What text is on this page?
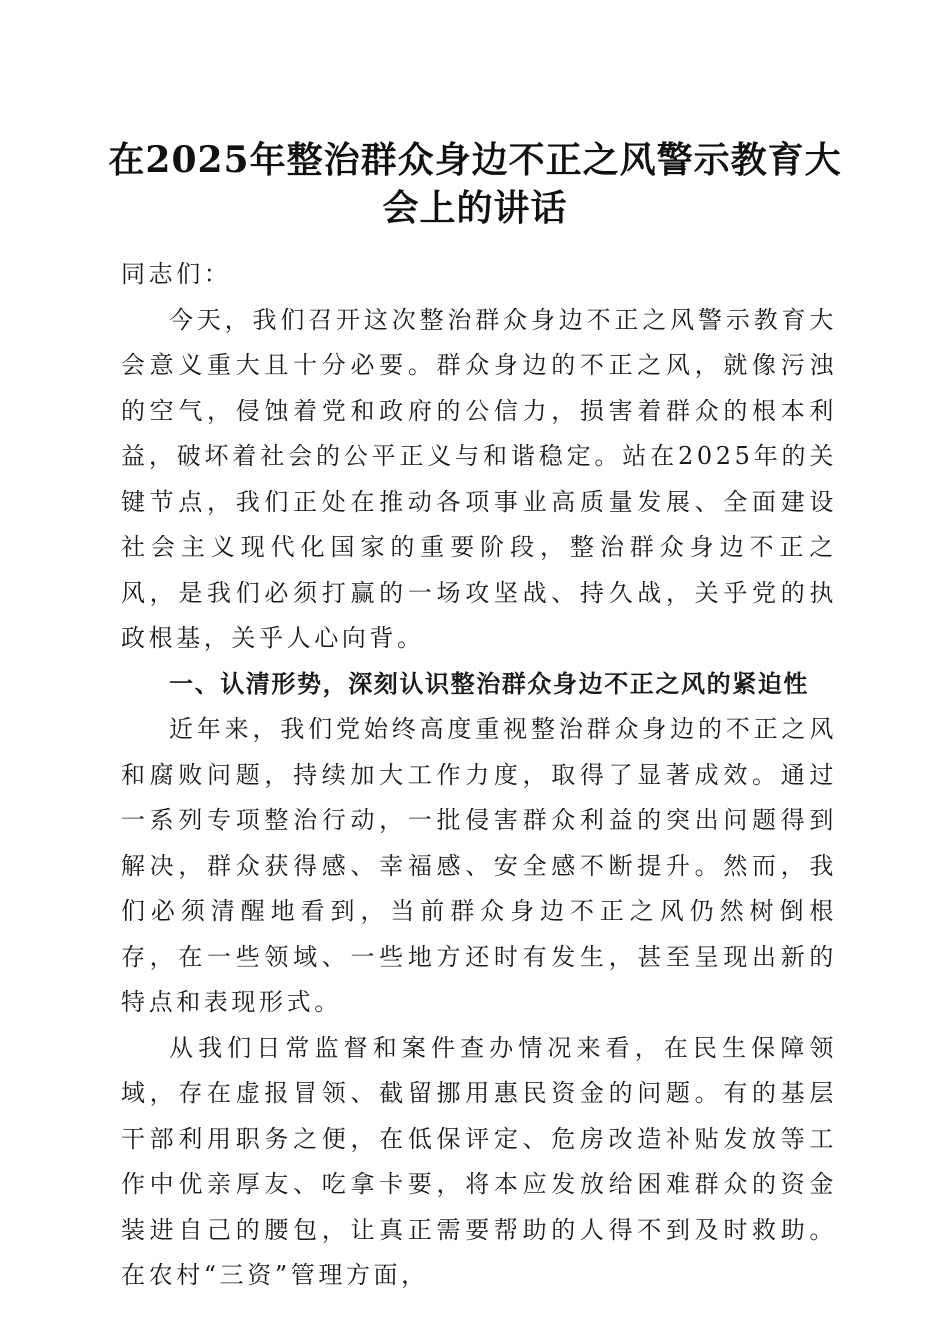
在2025年整治群众身边不正之风警示教育大
会上的讲话

同志们：

今天，我们召开这次整治群众身边不正之风警示教育大会意义重大且十分必要。群众身边的不正之风，就像污浊的空气，侵蚀着党和政府的公信力，损害着群众的根本利益，破坏着社会的公平正义与和谐稳定。站在2025年的关键节点，我们正处在推动各项事业高质量发展、全面建设社会主义现代化国家的重要阶段，整治群众身边不正之风，是我们必须打赢的一场攻坚战、持久战，关乎党的执政根基，关乎人心向背。

一、认清形势，深刻认识整治群众身边不正之风的紧迫性

近年来，我们党始终高度重视整治群众身边的不正之风和腐败问题，持续加大工作力度，取得了显著成效。通过一系列专项整治行动，一批侵害群众利益的突出问题得到解决，群众获得感、幸福感、安全感不断提升。然而，我们必须清醒地看到，当前群众身边不正之风仍然树倒根存，在一些领域、一些地方还时有发生，甚至呈现出新的特点和表现形式。

从我们日常监督和案件查办情况来看，在民生保障领域，存在虚报冒领、截留挪用惠民资金的问题。有的基层干部利用职务之便，在低保评定、危房改造补贴发放等工作中优亲厚友、吃拿卡要，将本应发放给困难群众的资金装进自己的腰包，让真正需要帮助的人得不到及时救助。在农村“三资”管理方面，
